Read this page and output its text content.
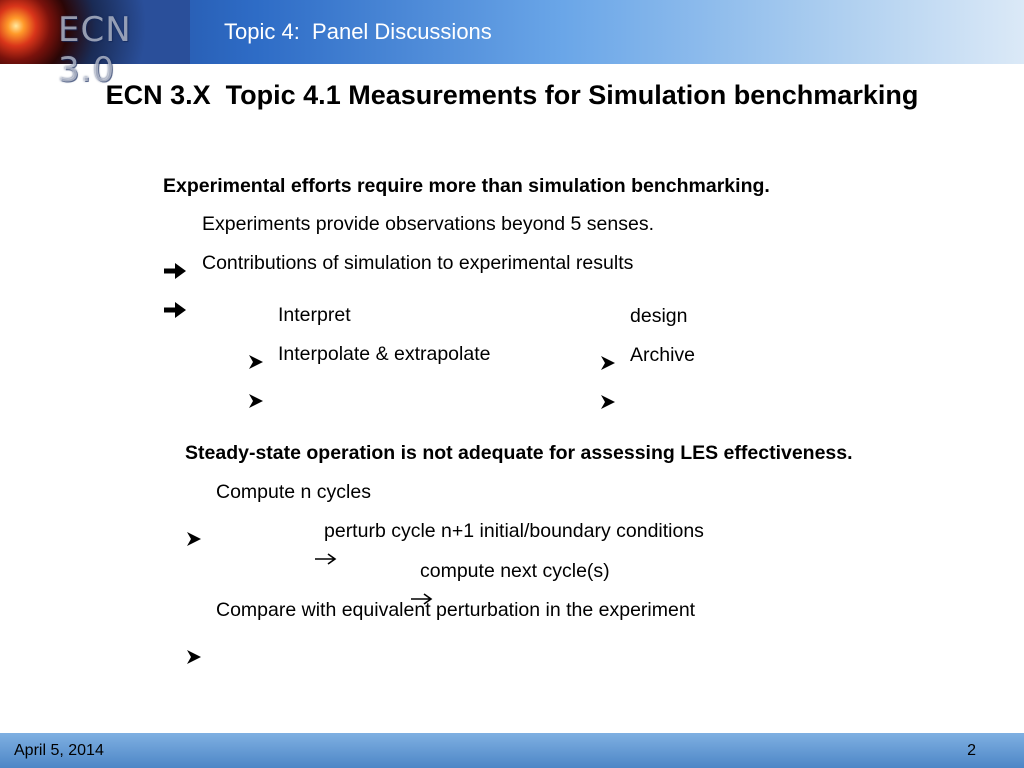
ECN 3.0
Topic 4:  Panel Discussions
ECN 3.X  Topic 4.1 Measurements for Simulation benchmarking
Experimental efforts require more than simulation benchmarking.

Experiments provide observations beyond 5 senses.

Contributions of simulation to experimental results

Interpret

Interpolate & extrapolate

design

Archive

Steady-state operation is not adequate for assessing LES effectiveness.

Compute n cycles

perturb cycle n+1 initial/boundary conditions

compute next cycle(s)

Compare with equivalent perturbation in the experiment

April 5, 2014	2
